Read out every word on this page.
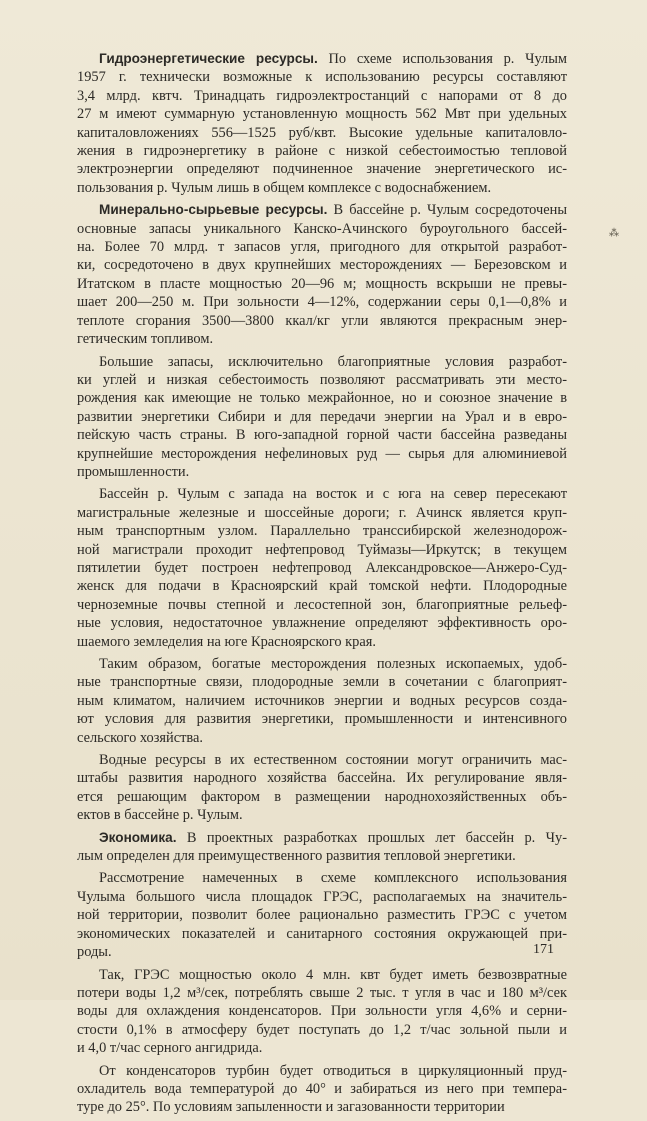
Гидроэнергетические ресурсы. По схеме использования р. Чулым
1957 г. технически возможные к использованию ресурсы составляют
3,4 млрд. квтч. Тринадцать гидроэлектростанций с напорами от 8 до
27 м имеют суммарную установленную мощность 562 Мвт при удельных
капиталовложениях 556—1525 руб/квт. Высокие удельные капиталовло-
жения в гидроэнергетику в районе с низкой себестоимостью тепловой
электроэнергии определяют подчиненное значение энергетического ис-
пользования р. Чулым лишь в общем комплексе с водоснабжением.

Минерально-сырьевые ресурсы. В бассейне р. Чулым сосредоточены
основные запасы уникального Канско-Ачинского буроугольного бассей-
на. Более 70 млрд. т запасов угля, пригодного для открытой разработ-
ки, сосредоточено в двух крупнейших месторождениях — Березовском и
Итатском в пласте мощностью 20—96 м; мощность вскрыши не превы-
шает 200—250 м. При зольности 4—12%, содержании серы 0,1—0,8% и
теплоте сгорания 3500—3800 ккал/кг угли являются прекрасным энер-
гетическим топливом.

Большие запасы, исключительно благоприятные условия разработ-
ки углей и низкая себестоимость позволяют рассматривать эти место-
рождения как имеющие не только межрайонное, но и союзное значение в
развитии энергетики Сибири и для передачи энергии на Урал и в евро-
пейскую часть страны. В юго-западной горной части бассейна разведаны
крупнейшие месторождения нефелиновых руд — сырья для алюминиевой
промышленности.

Бассейн р. Чулым с запада на восток и с юга на север пересекают
магистральные железные и шоссейные дороги; г. Ачинск является круп-
ным транспортным узлом. Параллельно транссибирской железнодорож-
ной магистрали проходит нефтепровод Туймазы—Иркутск; в текущем
пятилетии будет построен нефтепровод Александровское—Анжеро-Суд-
женск для подачи в Красноярский край томской нефти. Плодородные
черноземные почвы степной и лесостепной зон, благоприятные рельеф-
ные условия, недостаточное увлажнение определяют эффективность оро-
шаемого земледелия на юге Красноярского края.

Таким образом, богатые месторождения полезных ископаемых, удоб-
ные транспортные связи, плодородные земли в сочетании с благоприят-
ным климатом, наличием источников энергии и водных ресурсов созда-
ют условия для развития энергетики, промышленности и интенсивного
сельского хозяйства.

Водные ресурсы в их естественном состоянии могут ограничить мас-
штабы развития народного хозяйства бассейна. Их регулирование явля-
ется решающим фактором в размещении народнохозяйственных объ-
ектов в бассейне р. Чулым.

Экономика. В проектных разработках прошлых лет бассейн р. Чу-
лым определен для преимущественного развития тепловой энергетики.

Рассмотрение намеченных в схеме комплексного использования
Чулыма большого числа площадок ГРЭС, располагаемых на значитель-
ной территории, позволит более рационально разместить ГРЭС с учетом
экономических показателей и санитарного состояния окружающей при-
роды.

Так, ГРЭС мощностью около 4 млн. квт будет иметь безвозвратные
потери воды 1,2 м³/сек, потреблять свыше 2 тыс. т угля в час и 180 м³/сек
воды для охлаждения конденсаторов. При зольности угля 4,6% и серни-
стости 0,1% в атмосферу будет поступать до 1,2 т/час зольной пыли и
и 4,0 т/час серного ангидрида.

От конденсаторов турбин будет отводиться в циркуляционный пруд-
охладитель вода температурой до 40° и забираться из него при темпера-
туре до 25°. По условиям запыленности и загазованности территории

⁂
171
